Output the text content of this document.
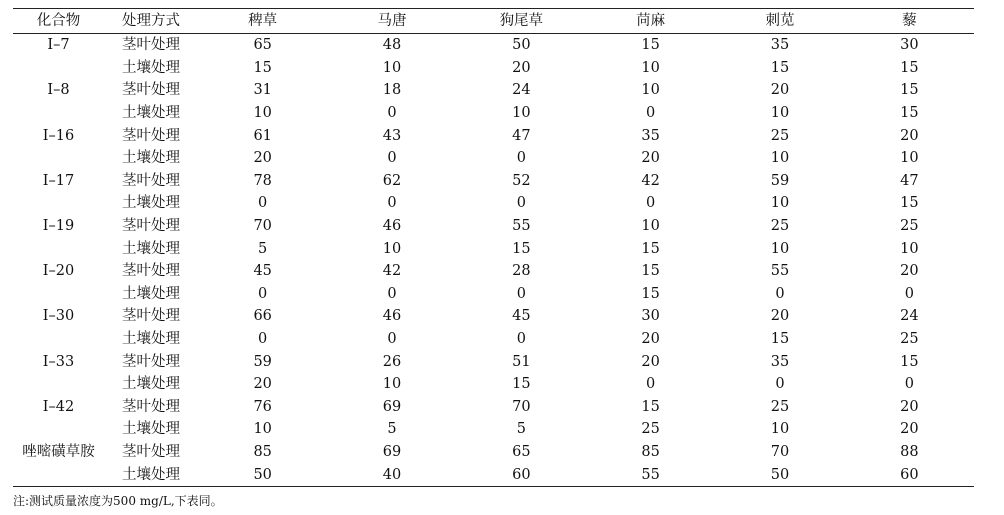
化合物	处理方式	稗草	马唐	狗尾草	苘麻	刺苋	藜
I–7	茎叶处理	65	48	50	15	35	30
	土壤处理	15	10	20	10	15	15
I–8	茎叶处理	31	18	24	10	20	15
	土壤处理	10	0	10	0	10	15
I–16	茎叶处理	61	43	47	35	25	20
	土壤处理	20	0	0	20	10	10
I–17	茎叶处理	78	62	52	42	59	47
	土壤处理	0	0	0	0	10	15
I–19	茎叶处理	70	46	55	10	25	25
	土壤处理	5	10	15	15	10	10
I–20	茎叶处理	45	42	28	15	55	20
	土壤处理	0	0	0	15	0	0
I–30	茎叶处理	66	46	45	30	20	24
	土壤处理	0	0	0	20	15	25
I–33	茎叶处理	59	26	51	20	35	15
	土壤处理	20	10	15	0	0	0
I–42	茎叶处理	76	69	70	15	25	20
	土壤处理	10	5	5	25	10	20
唑嘧磺草胺	茎叶处理	85	69	65	85	70	88
	土壤处理	50	40	60	55	50	60
注:测试质量浓度为500 mg/L,下表同。
